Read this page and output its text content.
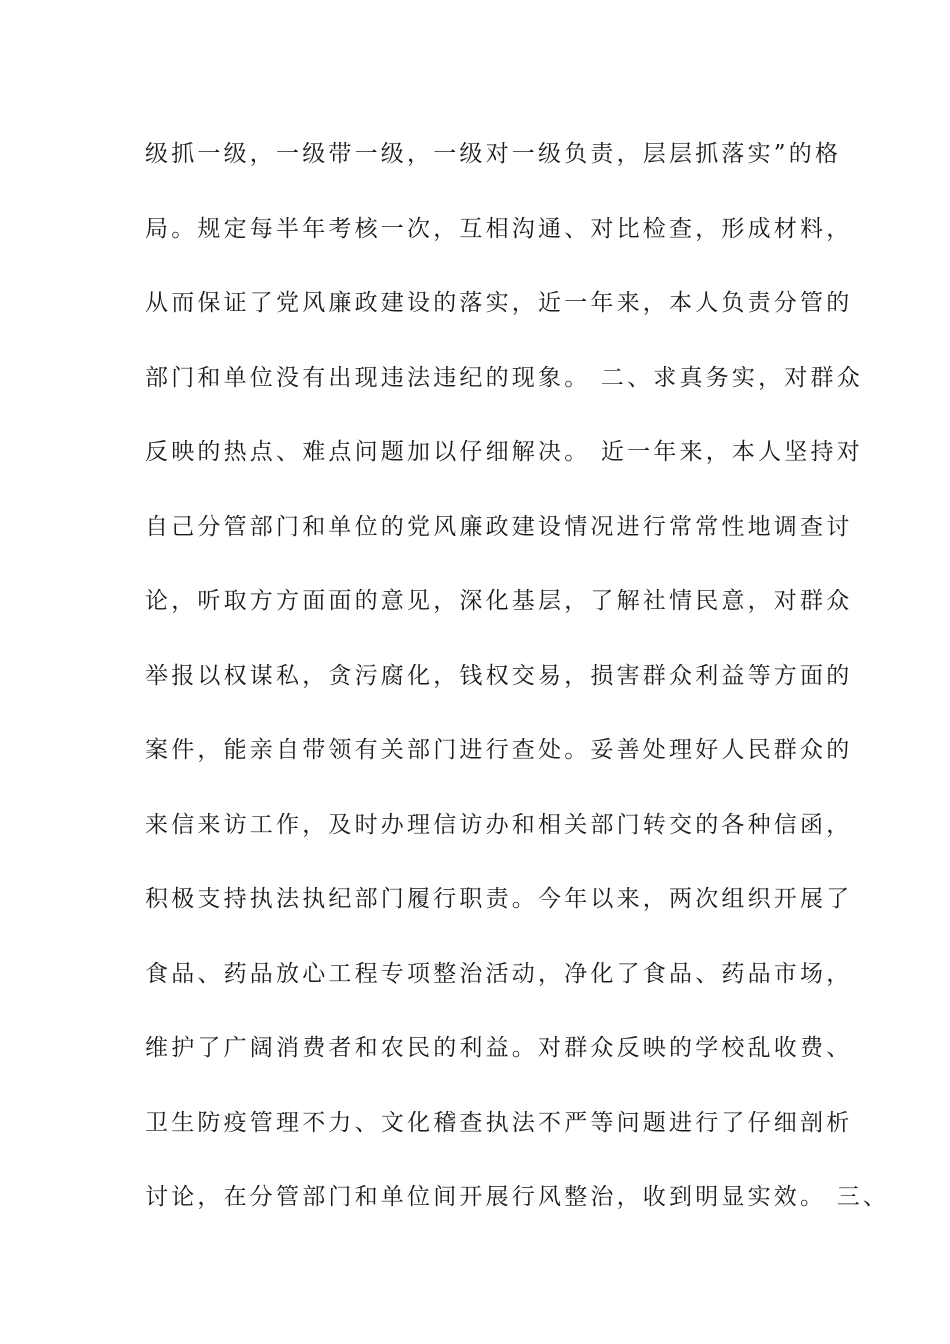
级抓一级，一级带一级，一级对一级负责，层层抓落实”的格
局。规定每半年考核一次，互相沟通、对比检查，形成材料，
从而保证了党风廉政建设的落实，近一年来，本人负责分管的
部门和单位没有出现违法违纪的现象。 二、求真务实，对群众
反映的热点、难点问题加以仔细解决。 近一年来，本人坚持对
自己分管部门和单位的党风廉政建设情况进行常常性地调查讨
论，听取方方面面的意见，深化基层，了解社情民意，对群众
举报以权谋私，贪污腐化，钱权交易，损害群众利益等方面的
案件，能亲自带领有关部门进行查处。妥善处理好人民群众的
来信来访工作，及时办理信访办和相关部门转交的各种信函，
积极支持执法执纪部门履行职责。今年以来，两次组织开展了
食品、药品放心工程专项整治活动，净化了食品、药品市场，
维护了广阔消费者和农民的利益。对群众反映的学校乱收费、
卫生防疫管理不力、文化稽查执法不严等问题进行了仔细剖析
讨论，在分管部门和单位间开展行风整治，收到明显实效。 三、
